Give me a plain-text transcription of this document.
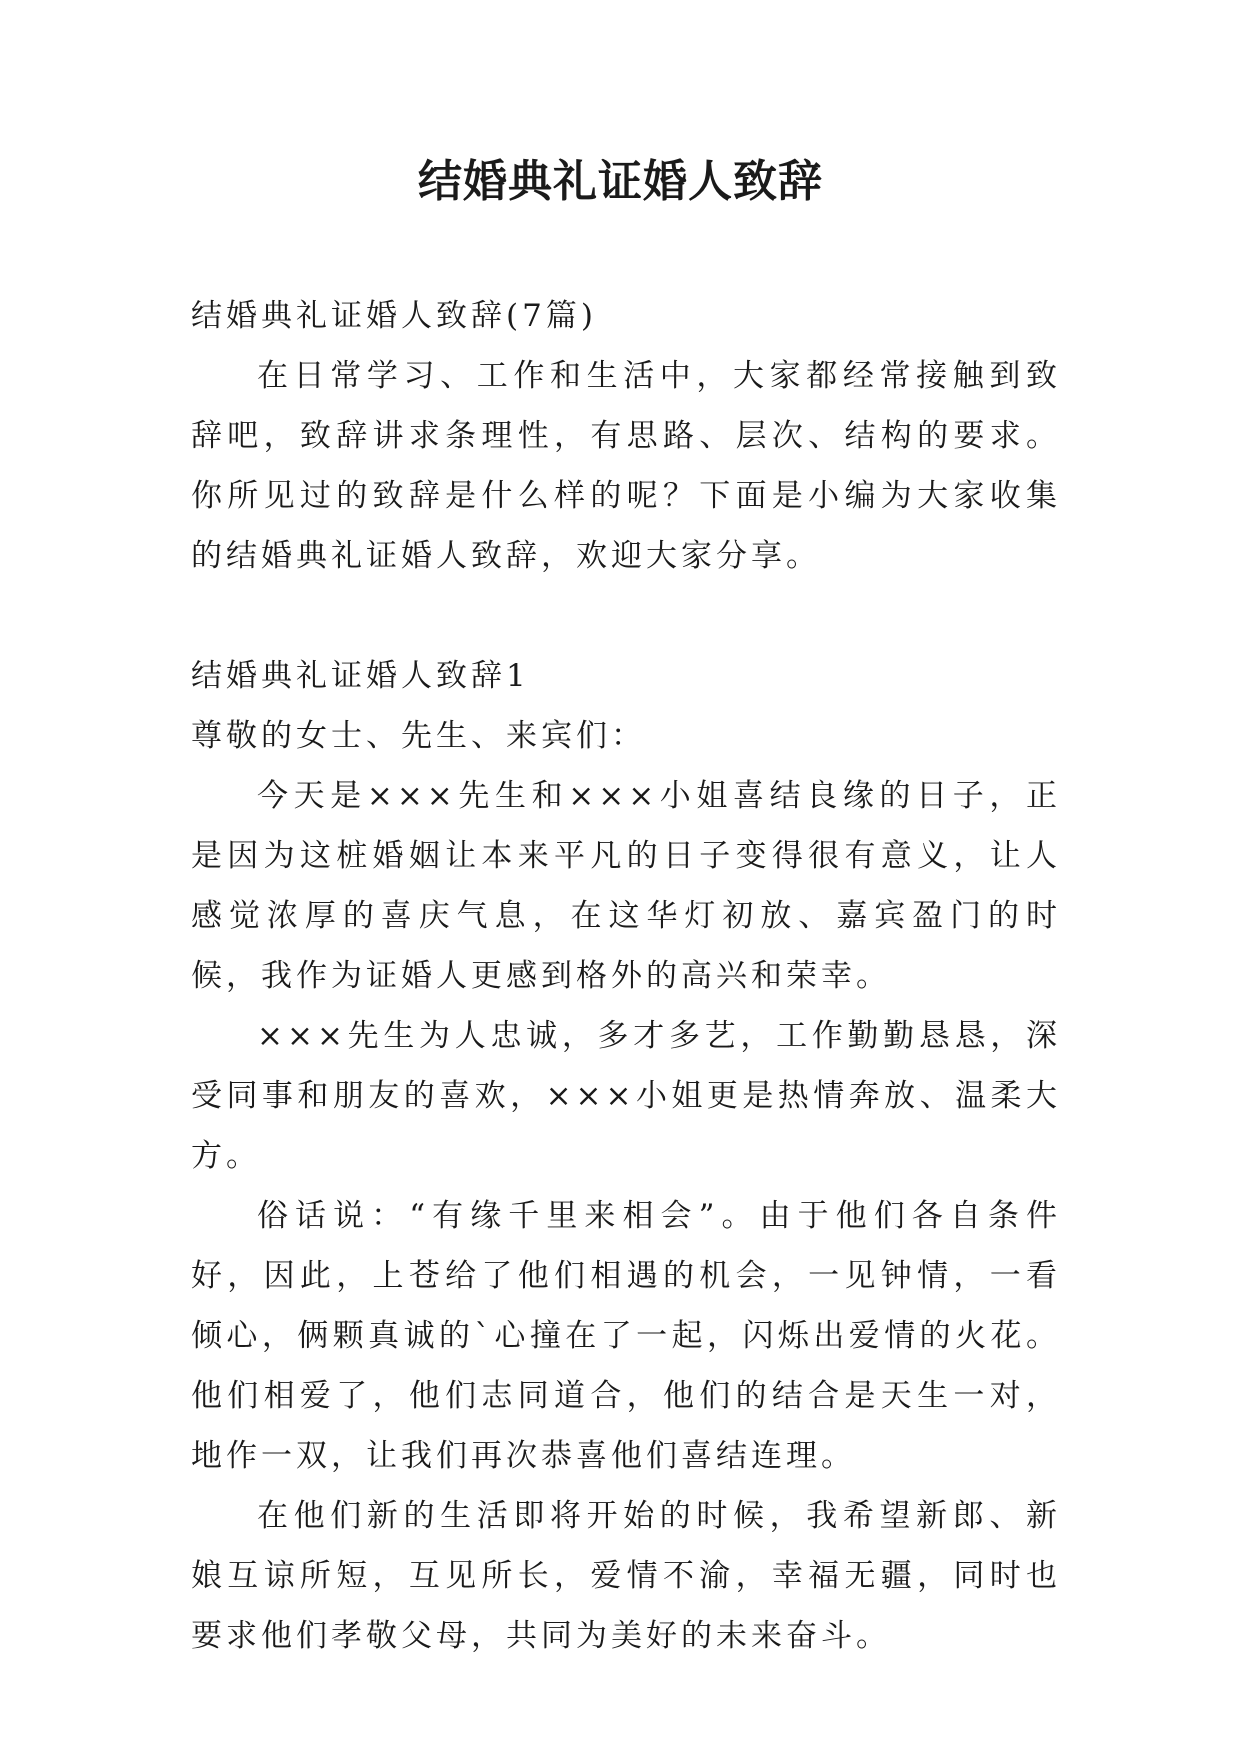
结婚典礼证婚人致辞

结婚典礼证婚人致辞(7篇)

在日常学习、工作和生活中，大家都经常接触到致辞吧，致辞讲求条理性，有思路、层次、结构的要求。你所见过的致辞是什么样的呢？下面是小编为大家收集的结婚典礼证婚人致辞，欢迎大家分享。

结婚典礼证婚人致辞1

尊敬的女士、先生、来宾们：

今天是×××先生和×××小姐喜结良缘的日子，正是因为这桩婚姻让本来平凡的日子变得很有意义，让人感觉浓厚的喜庆气息，在这华灯初放、嘉宾盈门的时候，我作为证婚人更感到格外的高兴和荣幸。

×××先生为人忠诚，多才多艺，工作勤勤恳恳，深受同事和朋友的喜欢，×××小姐更是热情奔放、温柔大方。

俗话说：“有缘千里来相会”。由于他们各自条件好，因此，上苍给了他们相遇的机会，一见钟情，一看倾心，俩颗真诚的`心撞在了一起，闪烁出爱情的火花。他们相爱了，他们志同道合，他们的结合是天生一对，地作一双，让我们再次恭喜他们喜结连理。

在他们新的生活即将开始的时候，我希望新郎、新娘互谅所短，互见所长，爱情不渝，幸福无疆，同时也要求他们孝敬父母，共同为美好的未来奋斗。
